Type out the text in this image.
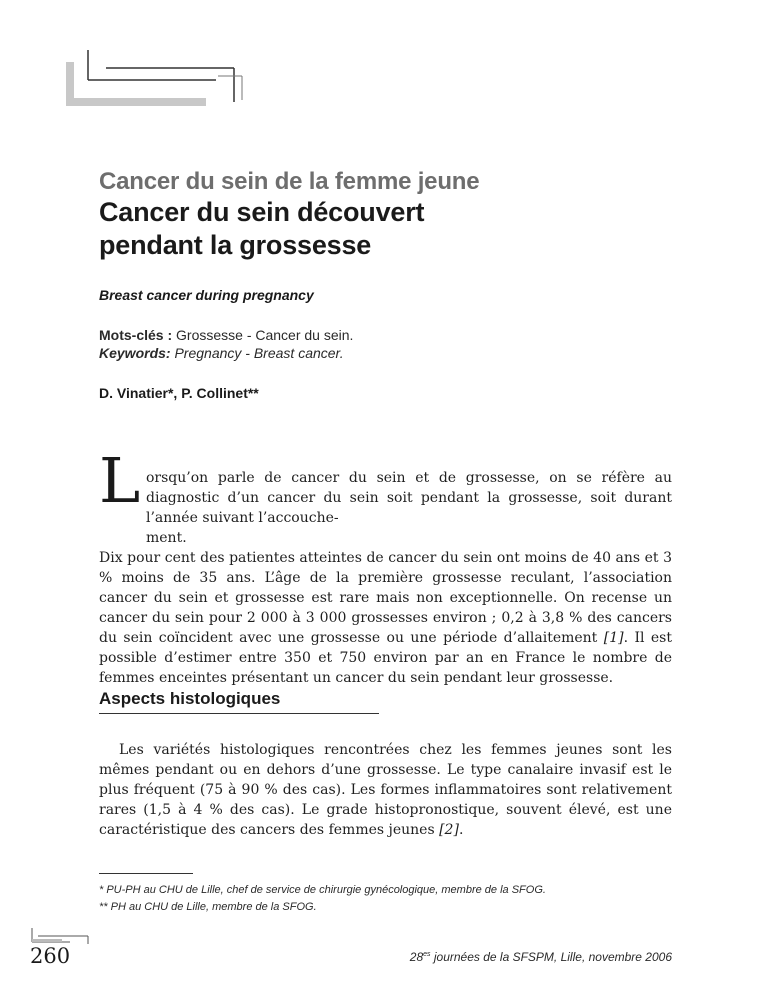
Cancer du sein de la femme jeune
Cancer du sein découvert
pendant la grossesse
Breast cancer during pregnancy
Mots-clés : Grossesse - Cancer du sein.
Keywords: Pregnancy - Breast cancer.
D. Vinatier*, P. Collinet**
L orsqu’on parle de cancer du sein et de grossesse, on se réfère au diagnostic d’un cancer du sein soit pendant la grossesse, soit durant l’année suivant l’accouche-
ment.
Dix pour cent des patientes atteintes de cancer du sein ont moins de 40 ans et 3 % moins de 35 ans. L’âge de la première grossesse reculant, l’association cancer du sein et grossesse est rare mais non exceptionnelle. On recense un cancer du sein pour 2 000 à 3 000 grossesses environ ; 0,2 à 3,8 % des cancers du sein coïncident avec une grossesse ou une période d’allaitement [1]. Il est possible d’estimer entre 350 et 750 environ par an en France le nombre de femmes enceintes présentant un cancer du sein pendant leur grossesse.
Aspects histologiques
Les variétés histologiques rencontrées chez les femmes jeunes sont les mêmes pendant ou en dehors d’une grossesse. Le type canalaire invasif est le plus fréquent (75 à 90 % des cas). Les formes inflammatoires sont relativement rares (1,5 à 4 % des cas). Le grade histopronostique, souvent élevé, est une caractéristique des cancers des femmes jeunes [2].
* PU-PH au CHU de Lille, chef de service de chirurgie gynécologique, membre de la SFOG.
** PH au CHU de Lille, membre de la SFOG.
260	$28^{es}$ journées de la SFSPM, Lille, novembre 2006
